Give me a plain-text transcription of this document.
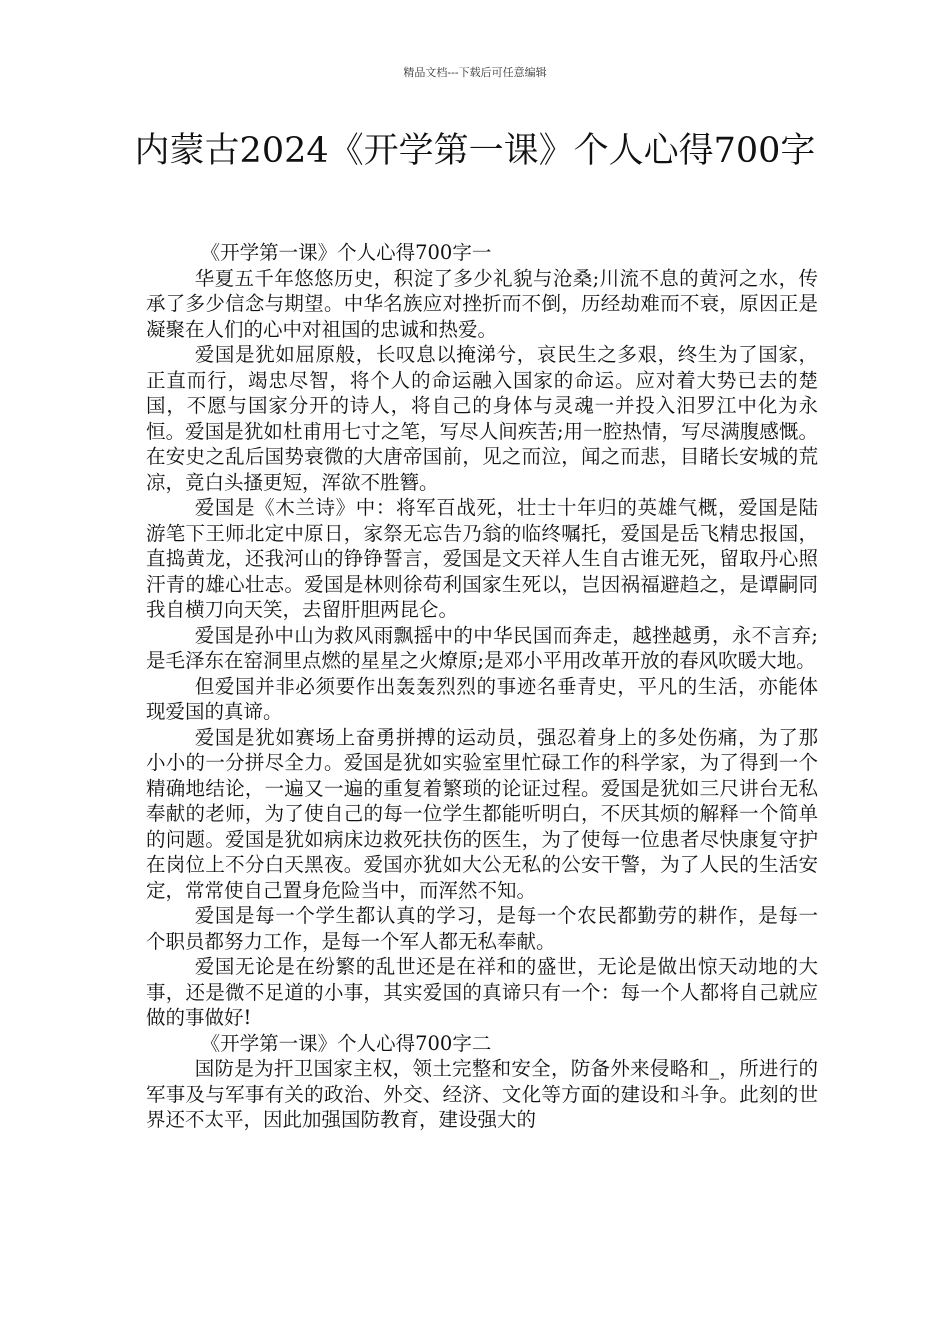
精品文档---下载后可任意编辑
内蒙古2024《开学第一课》个人心得700字

《开学第一课》个人心得700字一

华夏五千年悠悠历史，积淀了多少礼貌与沧桑;川流不息的黄河之水，传承了多少信念与期望。中华名族应对挫折而不倒，历经劫难而不衰，原因正是凝聚在人们的心中对祖国的忠诚和热爱。

爱国是犹如屈原般，长叹息以掩涕兮，哀民生之多艰，终生为了国家，正直而行，竭忠尽智，将个人的命运融入国家的命运。应对着大势已去的楚国，不愿与国家分开的诗人，将自己的身体与灵魂一并投入汨罗江中化为永恒。爱国是犹如杜甫用七寸之笔，写尽人间疾苦;用一腔热情，写尽满腹感慨。在安史之乱后国势衰微的大唐帝国前，见之而泣，闻之而悲，目睹长安城的荒凉，竟白头搔更短，浑欲不胜簪。

爱国是《木兰诗》中：将军百战死，壮士十年归的英雄气概，爱国是陆游笔下王师北定中原日，家祭无忘告乃翁的临终嘱托，爱国是岳飞精忠报国，直捣黄龙，还我河山的铮铮誓言，爱国是文天祥人生自古谁无死，留取丹心照汗青的雄心壮志。爱国是林则徐苟利国家生死以，岂因祸福避趋之，是谭嗣同我自横刀向天笑，去留肝胆两昆仑。

爱国是孙中山为救风雨飘摇中的中华民国而奔走，越挫越勇，永不言弃;是毛泽东在窑洞里点燃的星星之火燎原;是邓小平用改革开放的春风吹暖大地。

但爱国并非必须要作出轰轰烈烈的事迹名垂青史，平凡的生活，亦能体现爱国的真谛。

爱国是犹如赛场上奋勇拼搏的运动员，强忍着身上的多处伤痛，为了那小小的一分拼尽全力。爱国是犹如实验室里忙碌工作的科学家，为了得到一个精确地结论，一遍又一遍的重复着繁琐的论证过程。爱国是犹如三尺讲台无私奉献的老师，为了使自己的每一位学生都能听明白，不厌其烦的解释一个简单的问题。爱国是犹如病床边救死扶伤的医生，为了使每一位患者尽快康复守护在岗位上不分白天黑夜。爱国亦犹如大公无私的公安干警，为了人民的生活安定，常常使自己置身危险当中，而浑然不知。

爱国是每一个学生都认真的学习，是每一个农民都勤劳的耕作，是每一个职员都努力工作，是每一个军人都无私奉献。

爱国无论是在纷繁的乱世还是在祥和的盛世，无论是做出惊天动地的大事，还是微不足道的小事，其实爱国的真谛只有一个：每一个人都将自己就应做的事做好!

《开学第一课》个人心得700字二

国防是为扞卫国家主权，领土完整和安全，防备外来侵略和_，所进行的军事及与军事有关的政治、外交、经济、文化等方面的建设和斗争。此刻的世界还不太平，因此加强国防教育，建设强大的
